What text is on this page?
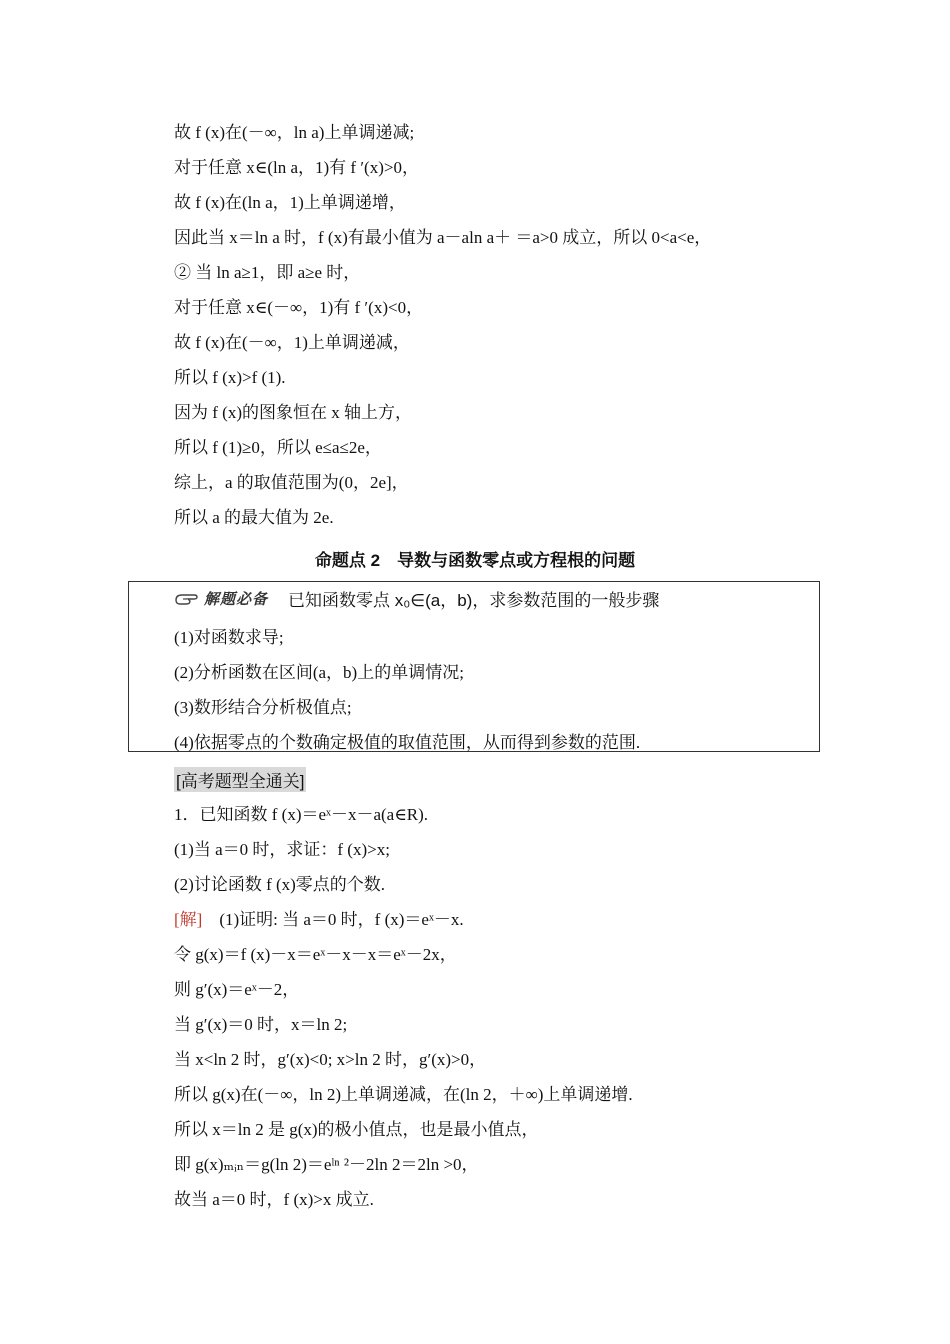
故 f (x)在(－∞，ln a)上单调递减;
对于任意 x∈(ln a，1)有 f ′(x)>0，
故 f (x)在(ln a，1)上单调递增，
因此当 x＝ln a 时，f (x)有最小值为 a－aln a＋ ＝a>0 成立，所以 0<a<e，
② 当 ln a≥1，即 a≥e 时，
对于任意 x∈(－∞，1)有 f ′(x)<0，
故 f (x)在(－∞，1)上单调递减，
所以 f (x)>f (1).
因为 f (x)的图象恒在 x 轴上方，
所以 f (1)≥0，所以 e≤a≤2e，
综上，a 的取值范围为(0，2e]，
所以 a 的最大值为 2e.
命题点 2　导数与函数零点或方程根的问题
解题必备 已知函数零点 x₀∈(a，b)，求参数范围的一般步骤
(1)对函数求导;
(2)分析函数在区间(a，b)上的单调情况;
(3)数形结合分析极值点;
(4)依据零点的个数确定极值的取值范围，从而得到参数的范围.
[高考题型全通关]
1．已知函数 f (x)＝eˣ－x－a(a∈R).
(1)当 a＝0 时，求证：f (x)>x;
(2)讨论函数 f (x)零点的个数.
[解]　(1)证明: 当 a＝0 时，f (x)＝eˣ－x.
令 g(x)＝f (x)－x＝eˣ－x－x＝eˣ－2x，
则 g′(x)＝eˣ－2，
当 g′(x)＝0 时，x＝ln 2;
当 x<ln 2 时，g′(x)<0; x>ln 2 时，g′(x)>0，
所以 g(x)在(－∞，ln 2)上单调递减，在(ln 2，＋∞)上单调递增.
所以 x＝ln 2 是 g(x)的极小值点，也是最小值点，
即 g(x)ₘᵢₙ＝g(ln 2)＝eˡⁿ ²－2ln 2＝2ln >0，
故当 a＝0 时，f (x)>x 成立.
